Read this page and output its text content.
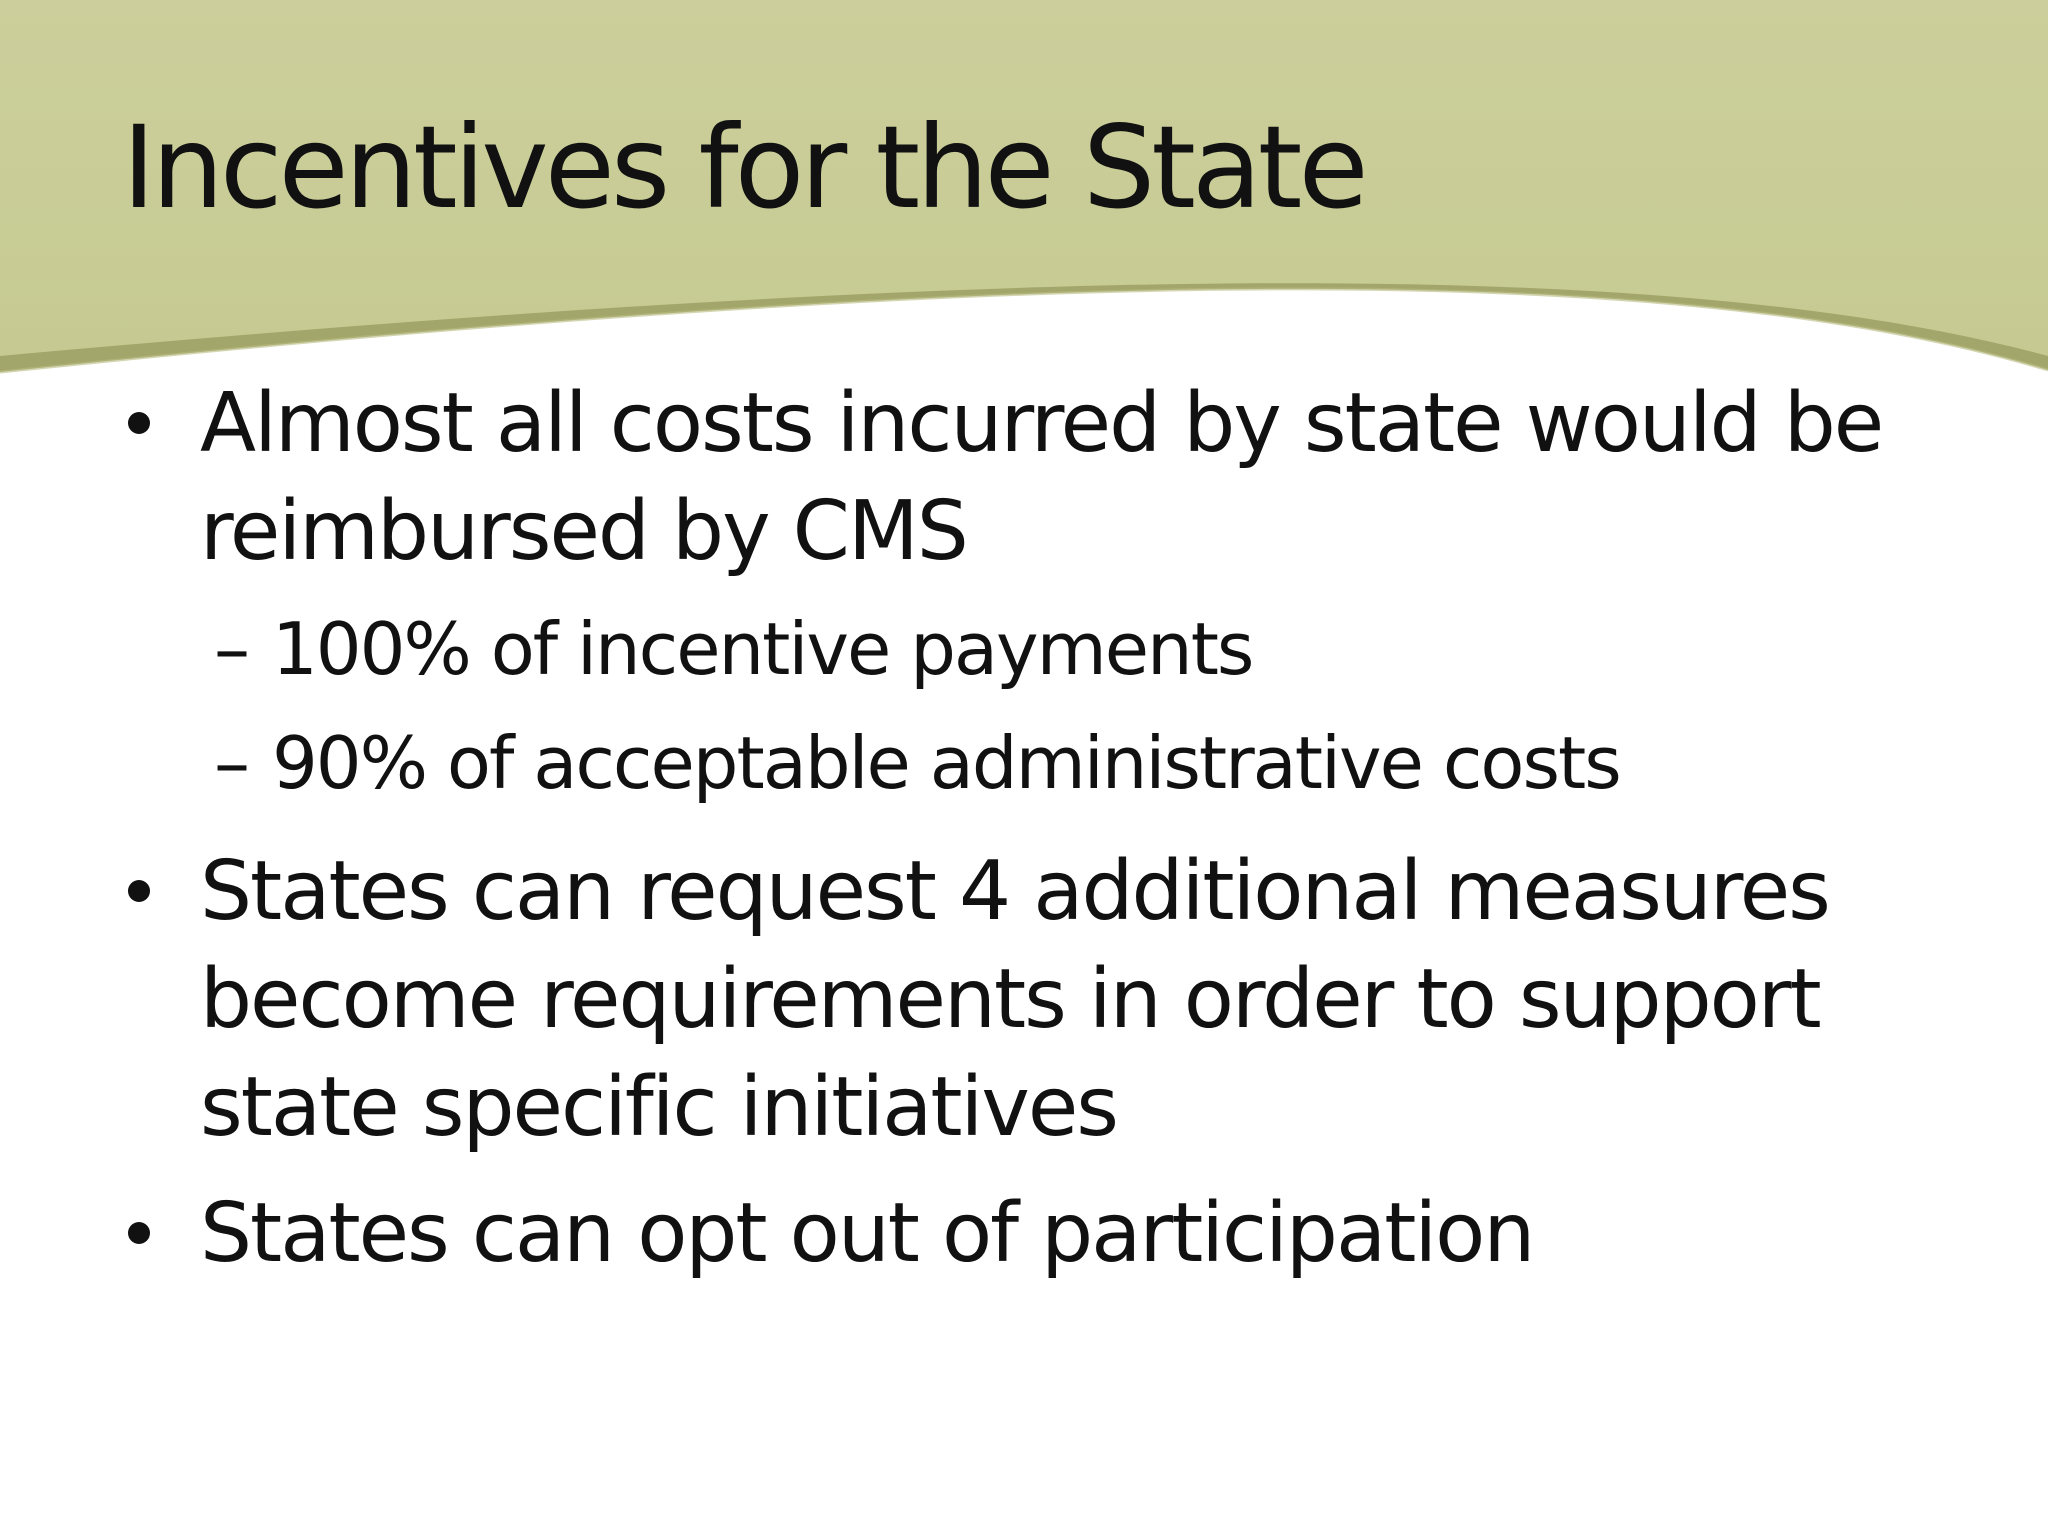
Incentives for the State
Almost all costs incurred by state would be reimbursed by CMS
– 100% of incentive payments
– 90% of acceptable administrative costs
States can request 4 additional measures become requirements in order to support state specific initiatives
States can opt out of participation
